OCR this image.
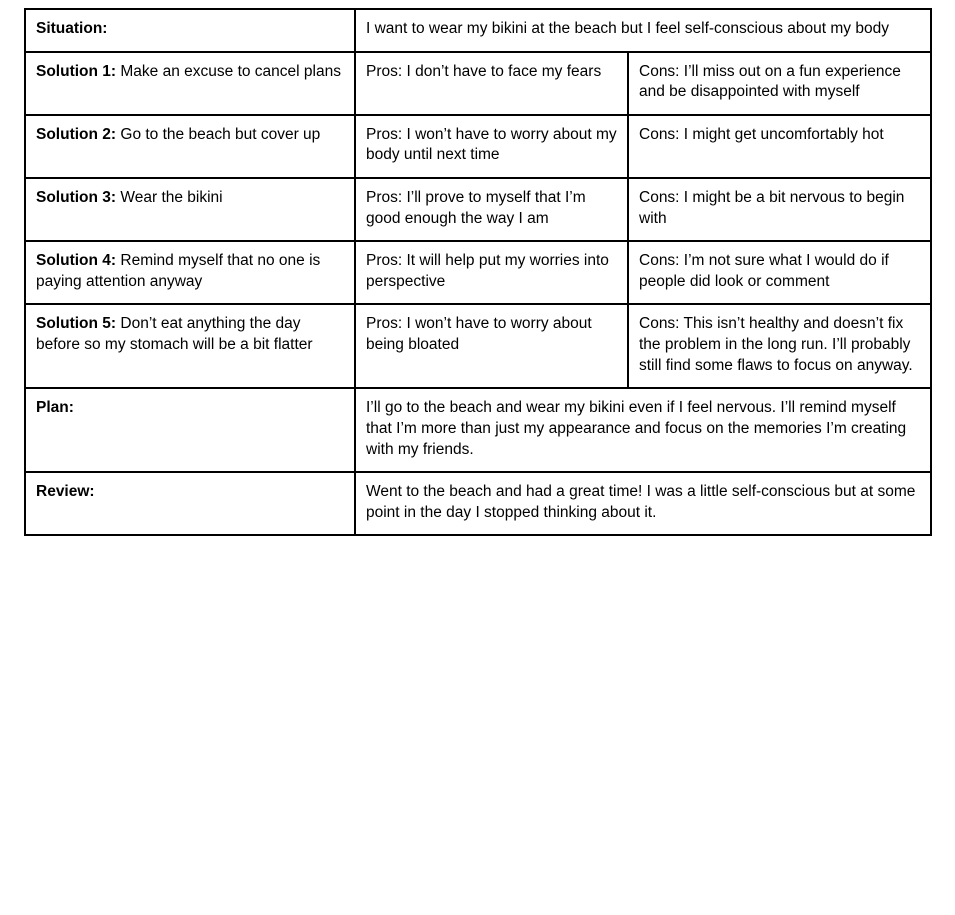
Situation:	I want to wear my bikini at the beach but I feel self-conscious about my body	
Solution 1: Make an excuse to cancel plans	Pros: I don’t have to face my fears	Cons: I’ll miss out on a fun experience and be disappointed with myself
Solution 2: Go to the beach but cover up	Pros: I won’t have to worry about my body until next time	Cons: I might get uncomfortably hot
Solution 3: Wear the bikini	Pros: I’ll prove to myself that I’m good enough the way I am	Cons: I might be a bit nervous to begin with
Solution 4: Remind myself that no one is paying attention anyway	Pros: It will help put my worries into perspective	Cons: I’m not sure what I would do if people did look or comment
Solution 5: Don’t eat anything the day before so my stomach will be a bit flatter	Pros: I won’t have to worry about being bloated	Cons: This isn’t healthy and doesn’t fix the problem in the long run. I’ll probably still find some flaws to focus on anyway.
Plan:	I’ll go to the beach and wear my bikini even if I feel nervous. I’ll remind myself that I’m more than just my appearance and focus on the memories I’m creating with my friends.	
Review:	Went to the beach and had a great time! I was a little self-conscious but at some point in the day I stopped thinking about it.	
